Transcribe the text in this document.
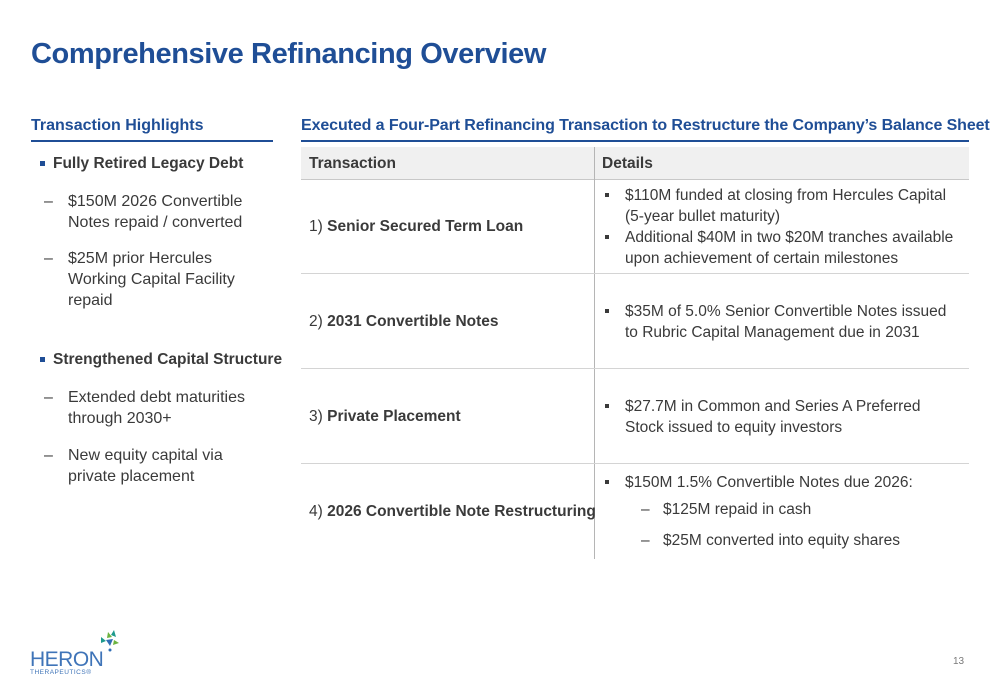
Comprehensive Refinancing Overview
Transaction Highlights	Executed a Four-Part Refinancing Transaction to Restructure the Company’s Balance Sheet
Fully Retired Legacy Debt
– $150M 2026 Convertible Notes repaid / converted
– $25M prior Hercules Working Capital Facility repaid
Strengthened Capital Structure
– Extended debt maturities through 2030+
– New equity capital via private placement
Transaction	Details
1) Senior Secured Term Loan
$110M funded at closing from Hercules Capital (5-year bullet maturity)
Additional $40M in two $20M tranches available upon achievement of certain milestones
2) 2031 Convertible Notes
$35M of 5.0% Senior Convertible Notes issued to Rubric Capital Management due in 2031
3) Private Placement
$27.7M in Common and Series A Preferred Stock issued to equity investors
4) 2026 Convertible Note Restructuring
$150M 1.5% Convertible Notes due 2026:
– $125M repaid in cash
– $25M converted into equity shares
HERON
THERAPEUTICS®
13
